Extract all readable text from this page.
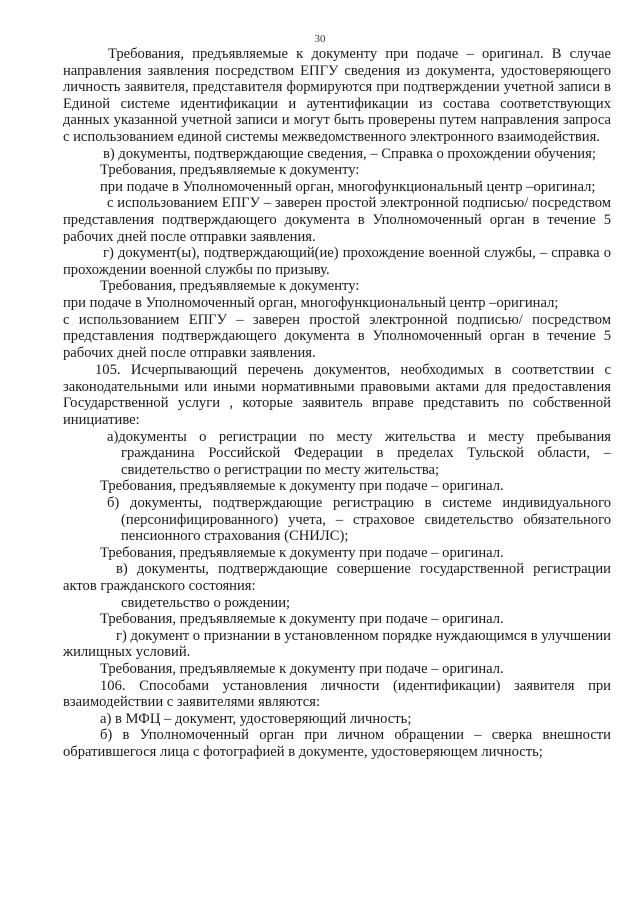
30

Требования, предъявляемые к документу при подаче – оригинал. В случае направления заявления посредством ЕПГУ сведения из документа, удостоверяющего личность заявителя, представителя формируются при подтверждении учетной записи в Единой системе идентификации и аутентификации из состава соответствующих данных указанной учетной записи и могут быть проверены путем направления запроса с использованием единой системы межведомственного электронного взаимодействия.

в) документы, подтверждающие сведения, – Справка о прохождении обучения;

Требования, предъявляемые к документу:

при подаче в Уполномоченный орган, многофункциональный центр –оригинал;

с использованием ЕПГУ – заверен простой электронной подписью/ посредством представления подтверждающего документа в Уполномоченный орган в течение 5 рабочих дней после отправки заявления.

г) документ(ы), подтверждающий(ие) прохождение военной службы, – справка о прохождении военной службы по призыву.

Требования, предъявляемые к документу:

при подаче в Уполномоченный орган, многофункциональный центр –оригинал;

с использованием ЕПГУ – заверен простой электронной подписью/ посредством представления подтверждающего документа в Уполномоченный орган в течение 5 рабочих дней после отправки заявления.

105. Исчерпывающий перечень документов, необходимых в соответствии с законодательными или иными нормативными правовыми актами для предоставления Государственной услуги , которые заявитель вправе представить по собственной инициативе:

а)документы о регистрации по месту жительства и месту пребывания гражданина Российской Федерации в пределах Тульской области, – свидетельство о регистрации по месту жительства;

Требования, предъявляемые к документу при подаче – оригинал.

б) документы, подтверждающие регистрацию в системе индивидуального (персонифицированного) учета, – страховое свидетельство обязательного пенсионного страхования (СНИЛС);

Требования, предъявляемые к документу при подаче – оригинал.

в) документы, подтверждающие совершение государственной регистрации актов гражданского состояния:

свидетельство о рождении;

Требования, предъявляемые к документу при подаче – оригинал.

г) документ о признании в установленном порядке нуждающимся в улучшении жилищных условий.

Требования, предъявляемые к документу при подаче – оригинал.

106. Способами установления личности (идентификации) заявителя при взаимодействии с заявителями являются:

а) в МФЦ – документ, удостоверяющий личность;

б) в Уполномоченный орган при личном обращении – сверка внешности обратившегося лица с фотографией в документе, удостоверяющем личность;
